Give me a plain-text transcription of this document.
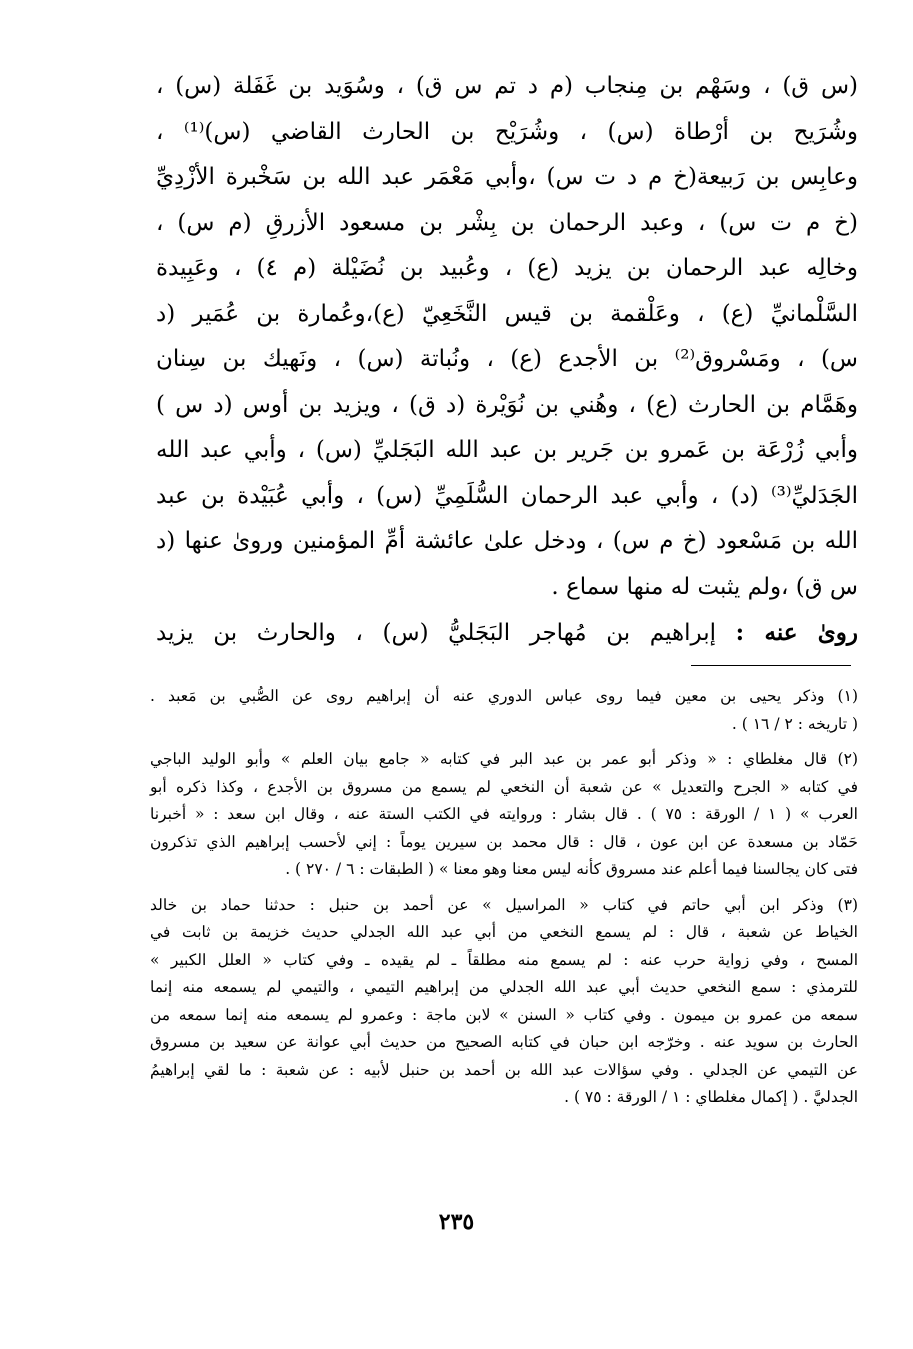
(س ق) ، وسَهْم بن مِنجاب (م د تم س ق) ، وسُوَيد بن غَفَلة (س) ،
وشُرَيح بن أرْطاة (س) ، وشُرَيْح بن الحارث القاضي (س)⁽¹⁾ ،
وعابِس بن رَبيعة(خ م د ت س) ،وأبي مَعْمَر عبد الله بن سَخْبرة الأزْدِيِّ
(خ م ت س) ، وعبد الرحمان بن بِشْر بن مسعود الأزرقِ (م س) ،
وخالِه عبد الرحمان بن يزيد (ع) ، وعُبيد بن نُضَيْلة (م ٤) ، وعَبِيدة
السَّلْمانيِّ (ع) ، وعَلْقمة بن قيس النَّخَعِيّ (ع)،وعُمارة بن عُمَير (د
س) ، ومَسْروق⁽²⁾ بن الأجدع (ع) ، ونُباتة (س) ، ونَهيك بن سِنان
وهَمَّام بن الحارث (ع) ، وهُني بن نُوَيْرة (د ق) ، ويزيد بن أوس (د س )
وأبي زُرْعَة بن عَمرو بن جَرير بن عبد الله البَجَليِّ (س) ، وأبي عبد الله
الجَدَليِّ⁽³⁾ (د) ، وأبي عبد الرحمان السُّلَمِيِّ (س) ، وأبي عُبَيْدة بن عبد
الله بن مَسْعود (خ م س) ، ودخل علىٰ عائشة أمِّ المؤمنين وروىٰ عنها (د
س ق) ،ولم يثبت له منها سماع .
روىٰ عنه : إبراهيم بن مُهاجر البَجَليُّ (س) ، والحارث بن يزيد
(١) وذكر يحيى بن معين فيما روى عباس الدوري عنه أن إبراهيم روى عن الصُّبي بن مَعبد .
( تاريخه : ٢ / ١٦ ) .
(٢) قال مغلطاي : « وذكر أبو عمر بن عبد البر في كتابه « جامع بيان العلم » وأبو الوليد الباجي
في كتابه « الجرح والتعديل » عن شعبة أن النخعي لم يسمع من مسروق بن الأجدع ، وكذا ذكره أبو
العرب » ( ١ / الورقة : ٧٥ ) . قال بشار : وروايته في الكتب الستة عنه ، وقال ابن سعد : « أخبرنا
حَمّاد بن مسعدة عن ابن عون ، قال : قال محمد بن سيرين يوماً : إني لأحسب إبراهيم الذي تذكرون
فتى كان يجالسنا فيما أعلم عند مسروق كأنه ليس معنا وهو معنا » ( الطبقات : ٦ / ٢٧٠ ) .
(٣) وذكر ابن أبي حاتم في كتاب « المراسيل » عن أحمد بن حنبل : حدثنا حماد بن خالد
الخياط عن شعبة ، قال : لم يسمع النخعي من أبي عبد الله الجدلي حديث خزيمة بن ثابت في
المسح ، وفي زواية حرب عنه : لم يسمع منه مطلقاً ـ لم يقيده ـ وفي كتاب « العلل الكبير »
للترمذي : سمع النخعي حديث أبي عبد الله الجدلي من إبراهيم التيمي ، والتيمي لم يسمعه منه إنما
سمعه من عمرو بن ميمون . وفي كتاب « السنن » لابن ماجة : وعمرو لم يسمعه منه إنما سمعه من
الحارث بن سويد عنه . وخرّجه ابن حبان في كتابه الصحيح من حديث أبي عوانة عن سعيد بن مسروق
عن التيمي عن الجدلي . وفي سؤالات عبد الله بن أحمد بن حنبل لأبيه : عن شعبة : ما لقي إبراهيمُ
الجدليَّ . ( إكمال مغلطاي : ١ / الورقة : ٧٥ ) .
٢٣٥
